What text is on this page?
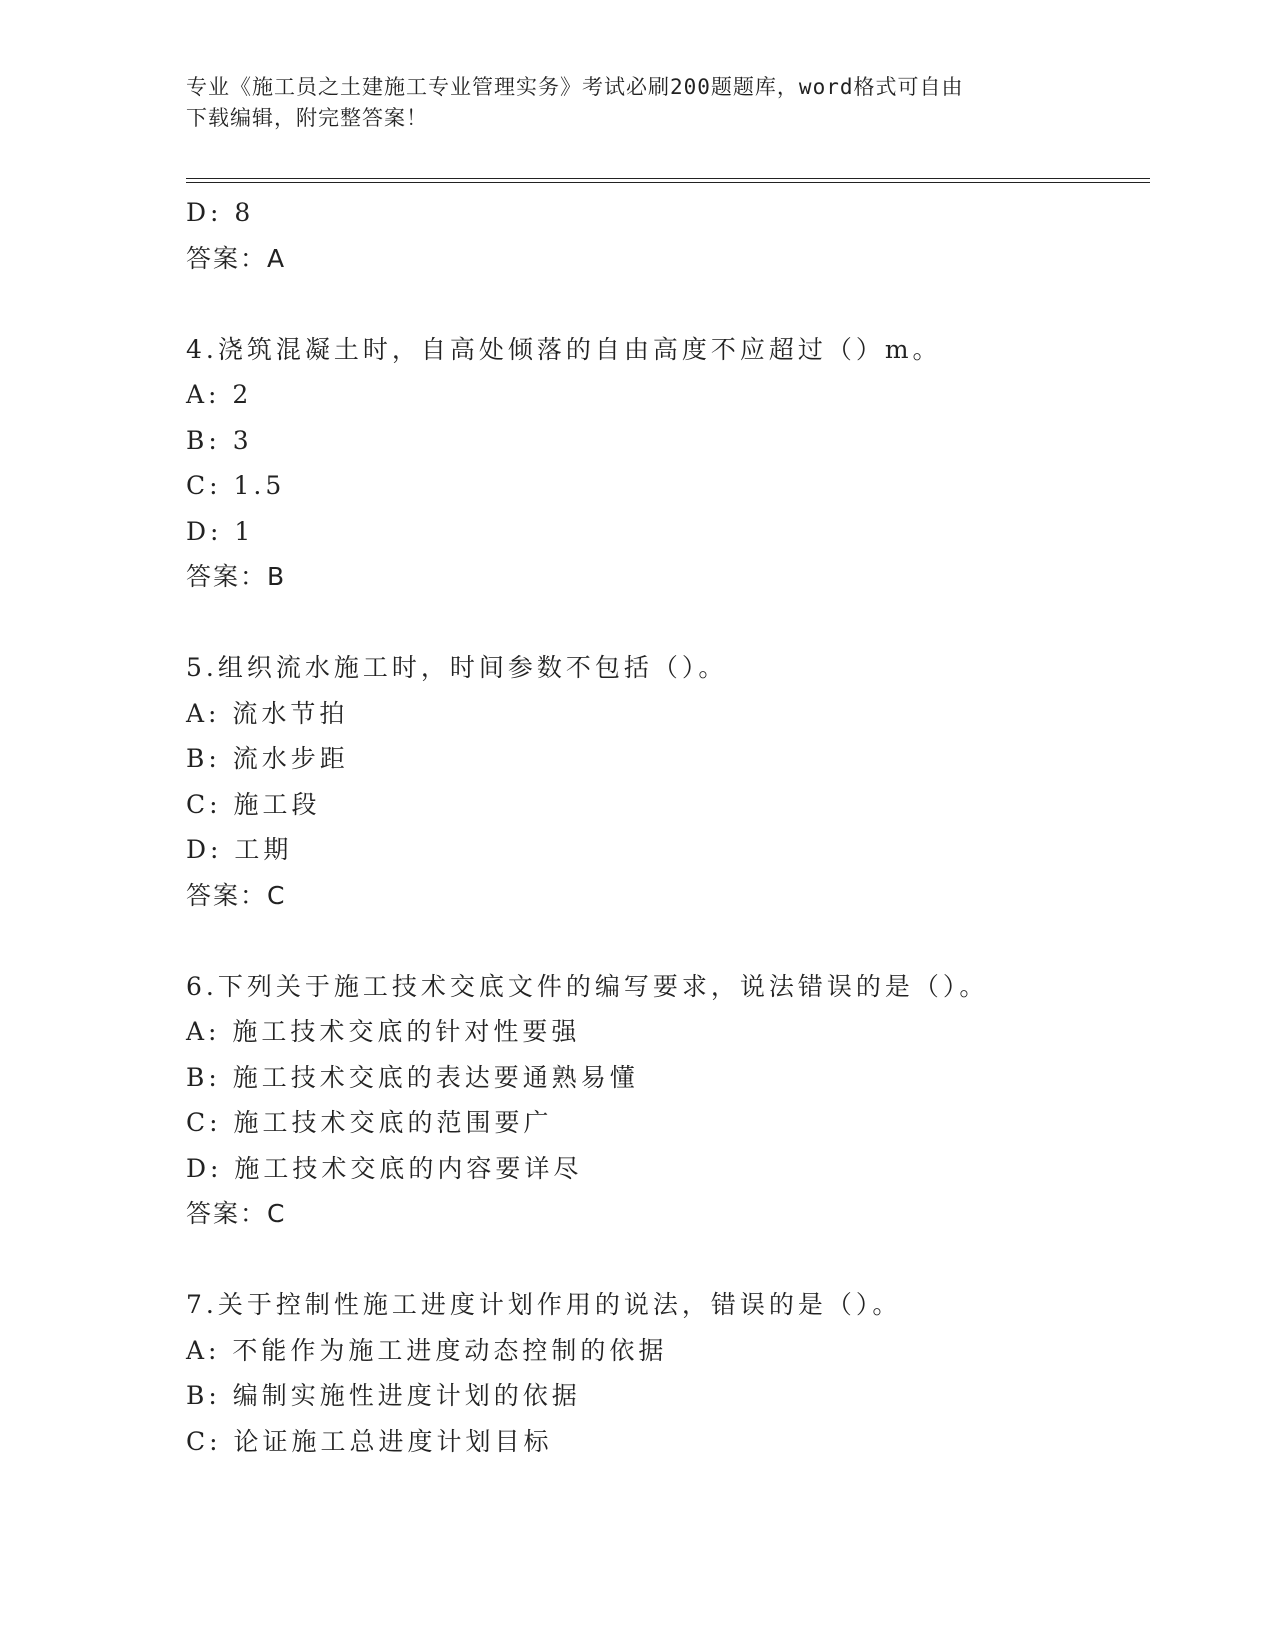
专业《施工员之土建施工专业管理实务》考试必刷200题题库，word格式可自由
下载编辑，附完整答案！
D: 8
答案：A
4.浇筑混凝土时，自高处倾落的自由高度不应超过（）m。
A: 2
B: 3
C: 1.5
D: 1
答案：B
5.组织流水施工时，时间参数不包括（）。
A: 流水节拍
B: 流水步距
C: 施工段
D: 工期
答案：C
6.下列关于施工技术交底文件的编写要求，说法错误的是（）。
A: 施工技术交底的针对性要强
B: 施工技术交底的表达要通熟易懂
C: 施工技术交底的范围要广
D: 施工技术交底的内容要详尽
答案：C
7.关于控制性施工进度计划作用的说法，错误的是（）。
A: 不能作为施工进度动态控制的依据
B: 编制实施性进度计划的依据
C: 论证施工总进度计划目标
